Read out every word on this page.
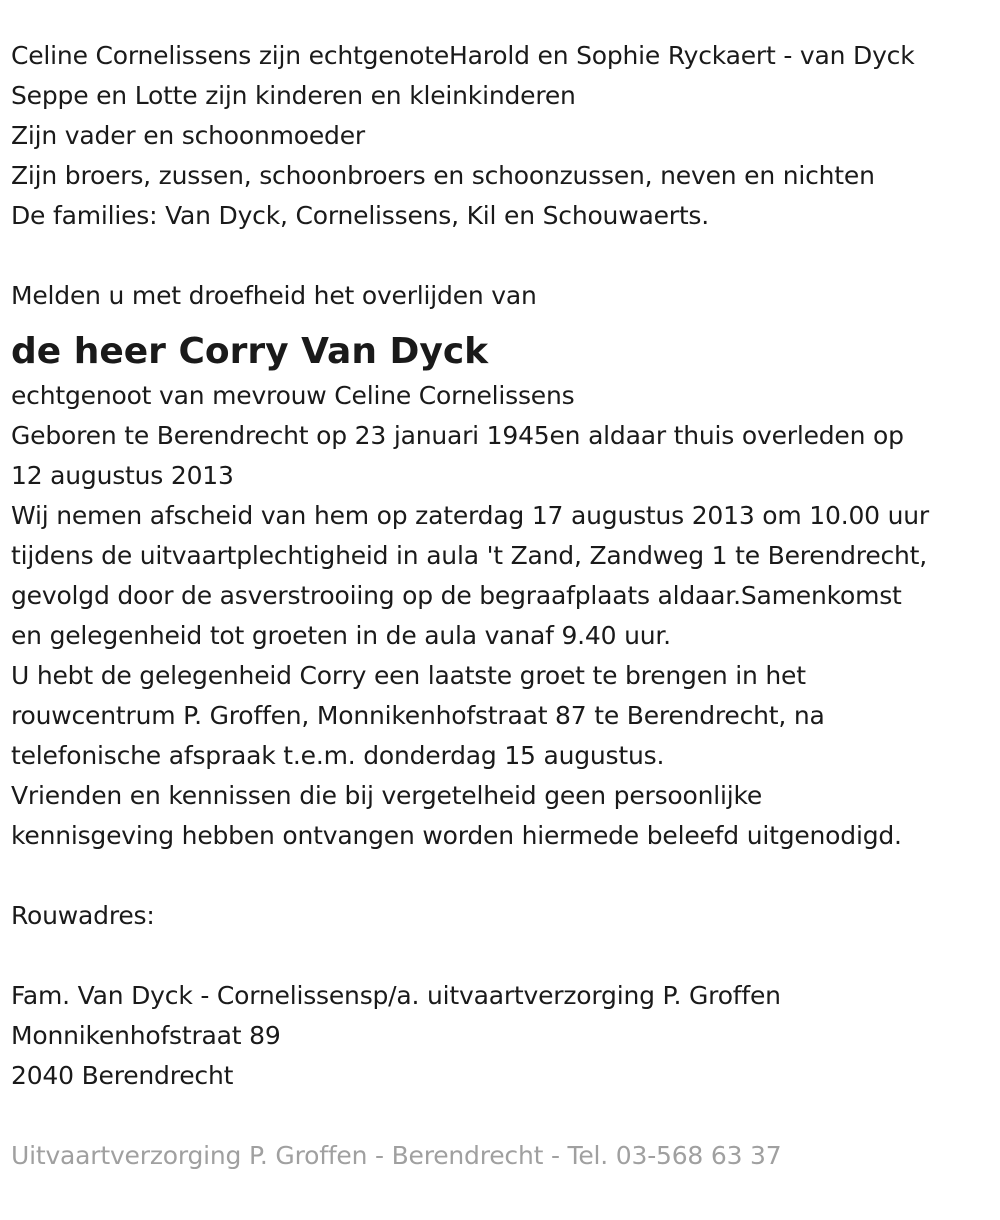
Celine Cornelissens zijn echtgenoteHarold en Sophie Ryckaert - van Dyck
Seppe en Lotte zijn kinderen en kleinkinderen
Zijn vader en schoonmoeder
Zijn broers, zussen, schoonbroers en schoonzussen, neven en nichten
De families: Van Dyck, Cornelissens, Kil en Schouwaerts.
Melden u met droefheid het overlijden van
de heer Corry Van Dyck
echtgenoot van mevrouw Celine Cornelissens
Geboren te Berendrecht op 23 januari 1945en aldaar thuis overleden op
12 augustus 2013
Wij nemen afscheid van hem op zaterdag 17 augustus 2013 om 10.00 uur
tijdens de uitvaartplechtigheid in aula 't Zand, Zandweg 1 te Berendrecht,
gevolgd door de asverstrooiing op de begraafplaats aldaar.Samenkomst
en gelegenheid tot groeten in de aula vanaf 9.40 uur.
U hebt de gelegenheid Corry een laatste groet te brengen in het
rouwcentrum P. Groffen, Monnikenhofstraat 87 te Berendrecht, na
telefonische afspraak t.e.m. donderdag 15 augustus.
Vrienden en kennissen die bij vergetelheid geen persoonlijke
kennisgeving hebben ontvangen worden hiermede beleefd uitgenodigd.
Rouwadres:
Fam. Van Dyck - Cornelissensp/a. uitvaartverzorging P. Groffen
Monnikenhofstraat 89
2040 Berendrecht
Uitvaartverzorging P. Groffen - Berendrecht - Tel. 03-568 63 37
